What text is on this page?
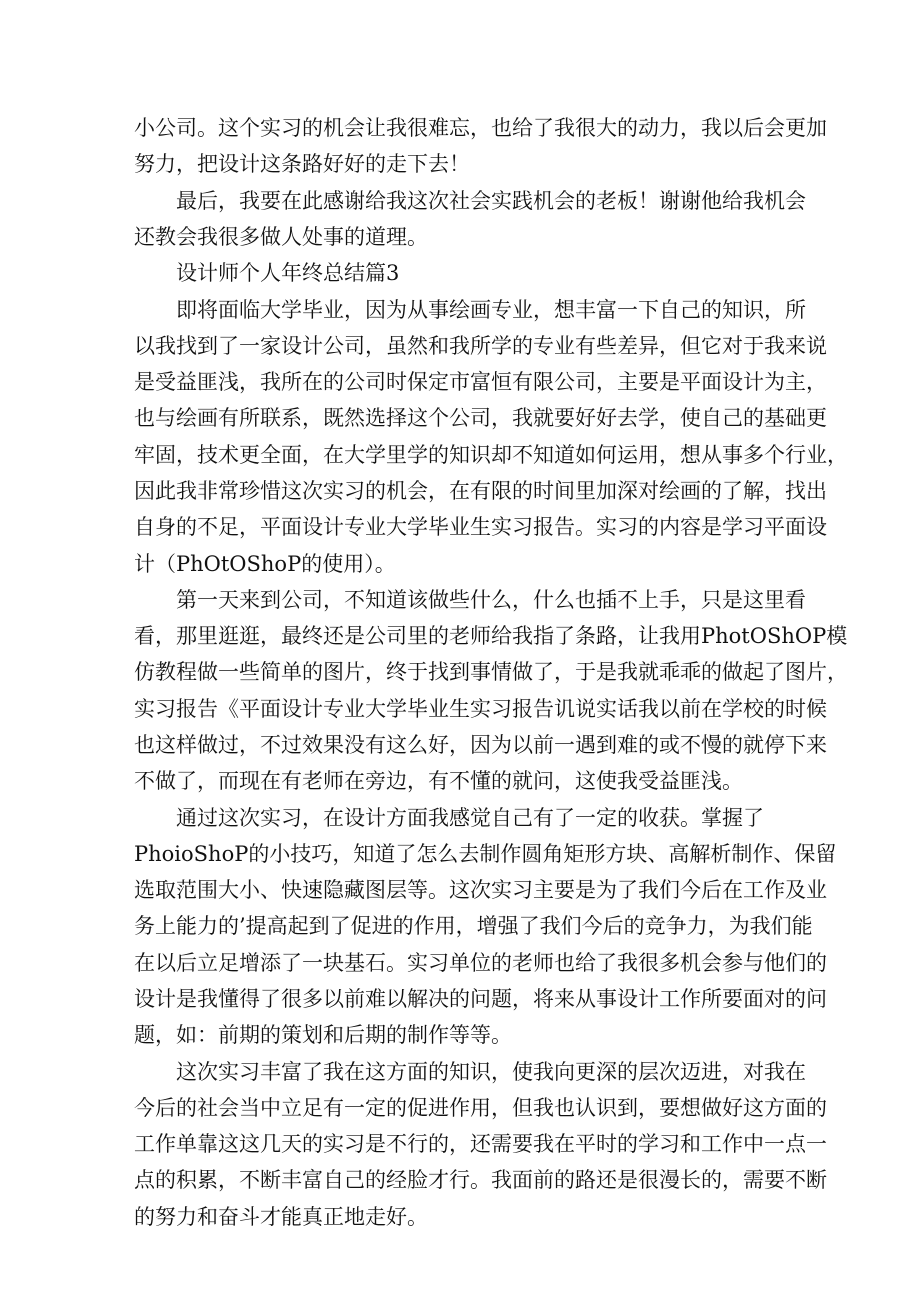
小公司。这个实习的机会让我很难忘，也给了我很大的动力，我以后会更加
努力，把设计这条路好好的走下去！
最后，我要在此感谢给我这次社会实践机会的老板！谢谢他给我机会
还教会我很多做人处事的道理。
设计师个人年终总结篇3
即将面临大学毕业，因为从事绘画专业，想丰富一下自己的知识，所
以我找到了一家设计公司，虽然和我所学的专业有些差异，但它对于我来说
是受益匪浅，我所在的公司时保定市富恒有限公司，主要是平面设计为主，
也与绘画有所联系，既然选择这个公司，我就要好好去学，使自己的基础更
牢固，技术更全面，在大学里学的知识却不知道如何运用，想从事多个行业，
因此我非常珍惜这次实习的机会，在有限的时间里加深对绘画的了解，找出
自身的不足，平面设计专业大学毕业生实习报告。实习的内容是学习平面设
计（PhOtOShoP的使用）。
第一天来到公司，不知道该做些什么，什么也插不上手，只是这里看
看，那里逛逛，最终还是公司里的老师给我指了条路，让我用PhotOShOP模
仿教程做一些简单的图片，终于找到事情做了，于是我就乖乖的做起了图片，
实习报告《平面设计专业大学毕业生实习报告讥说实话我以前在学校的时候
也这样做过，不过效果没有这么好，因为以前一遇到难的或不慢的就停下来
不做了，而现在有老师在旁边，有不懂的就问，这使我受益匪浅。
通过这次实习，在设计方面我感觉自己有了一定的收获。掌握了
PhoioShoP的小技巧，知道了怎么去制作圆角矩形方块、高解析制作、保留
选取范围大小、快速隐藏图层等。这次实习主要是为了我们今后在工作及业
务上能力的’提高起到了促进的作用，增强了我们今后的竞争力，为我们能
在以后立足增添了一块基石。实习单位的老师也给了我很多机会参与他们的
设计是我懂得了很多以前难以解决的问题，将来从事设计工作所要面对的问
题，如：前期的策划和后期的制作等等。
这次实习丰富了我在这方面的知识，使我向更深的层次迈进，对我在
今后的社会当中立足有一定的促进作用，但我也认识到，要想做好这方面的
工作单靠这这几天的实习是不行的，还需要我在平时的学习和工作中一点一
点的积累，不断丰富自己的经脸才行。我面前的路还是很漫长的，需要不断
的努力和奋斗才能真正地走好。
